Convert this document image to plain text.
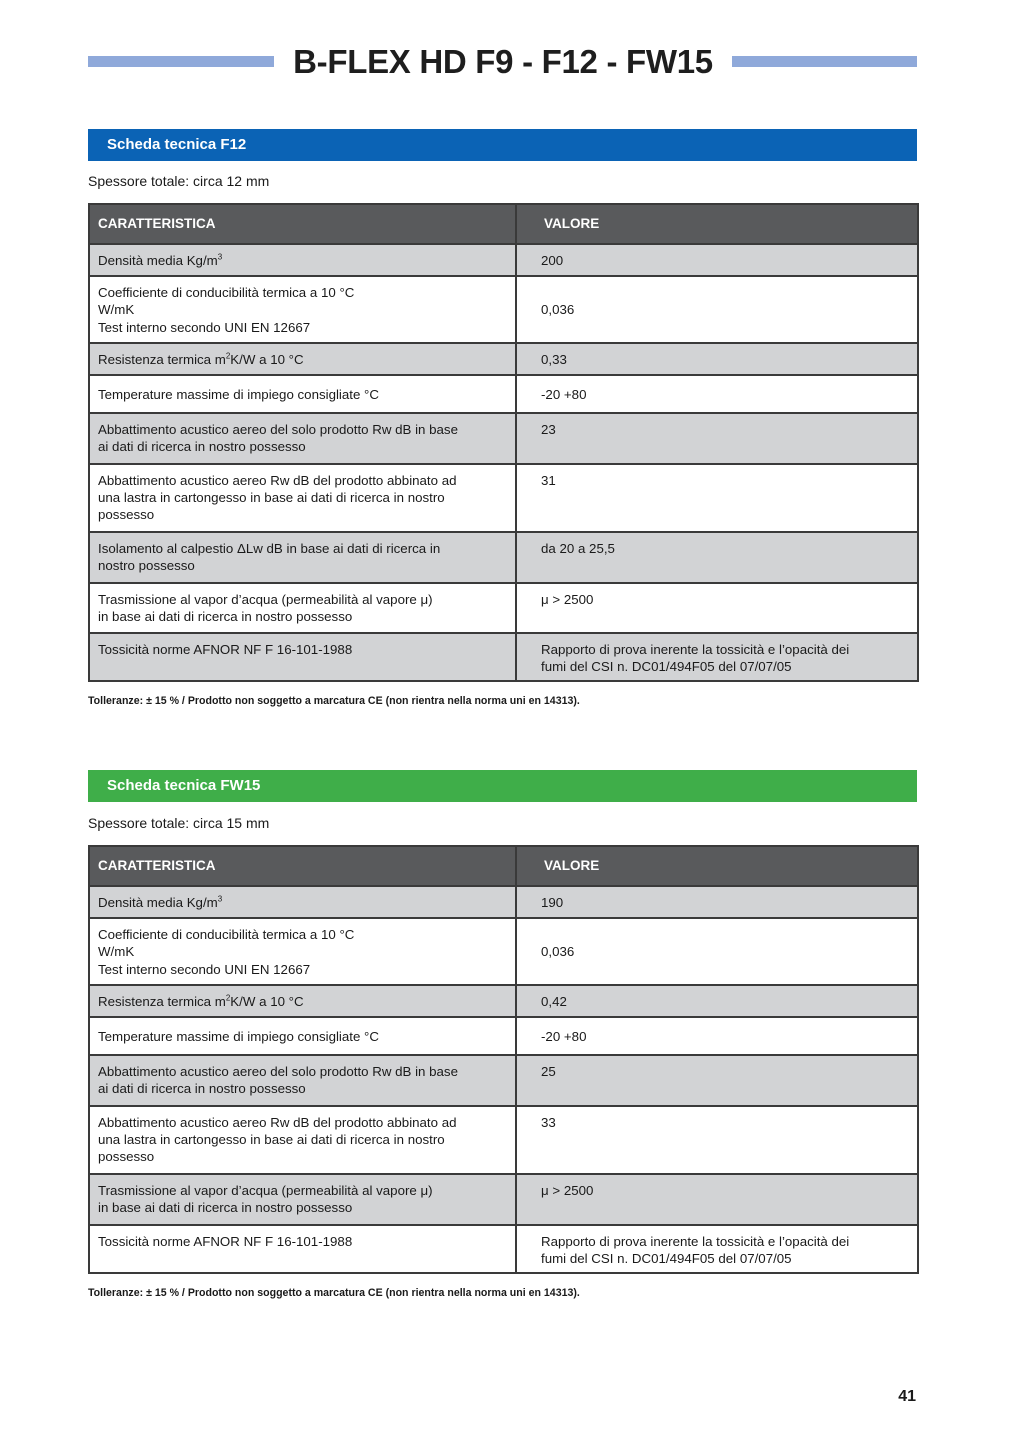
B-FLEX HD F9 - F12 - FW15
Scheda tecnica F12
Spessore totale: circa 12 mm
CARATTERISTICA	VALORE
Densità media $Kg/m^3$	200

Coefficiente di conducibilità termica a 10 °C
W/mK
Test interno secondo UNI EN 12667	0,036
Resistenza termica $m^2K/W$ a 10 °C	0,33
Temperature massime di impiego consigliate °C	-20 +80

Abbattimento acustico aereo del solo prodotto Rw dB in base
ai dati di ricerca in nostro possesso	23

Abbattimento acustico aereo Rw dB del prodotto abbinato ad
una lastra in cartongesso in base ai dati di ricerca in nostro
possesso	31

Isolamento al calpestio ΔLw dB in base ai dati di ricerca in
nostro possesso	da 20 a 25,5

Trasmissione al vapor d’acqua (permeabilità al vapore μ)
in base ai dati di ricerca in nostro possesso	μ > 2500
Tossicità norme AFNOR NF F 16-101-1988	Rapporto di prova inerente la tossicità e l’opacità dei
fumi del CSI n. DC01/494F05 del 07/07/05
Tolleranze: ± 15 % / Prodotto non soggetto a marcatura CE (non rientra nella norma uni en 14313).
Scheda tecnica FW15
Spessore totale: circa 15 mm
CARATTERISTICA	VALORE
Densità media $Kg/m^3$	190

Coefficiente di conducibilità termica a 10 °C
W/mK
Test interno secondo UNI EN 12667	0,036
Resistenza termica $m^2K/W$ a 10 °C	0,42
Temperature massime di impiego consigliate °C	-20 +80

Abbattimento acustico aereo del solo prodotto Rw dB in base
ai dati di ricerca in nostro possesso	25

Abbattimento acustico aereo Rw dB del prodotto abbinato ad
una lastra in cartongesso in base ai dati di ricerca in nostro
possesso	33

Trasmissione al vapor d’acqua (permeabilità al vapore μ)
in base ai dati di ricerca in nostro possesso	μ > 2500
Tossicità norme AFNOR NF F 16-101-1988	Rapporto di prova inerente la tossicità e l’opacità dei
fumi del CSI n. DC01/494F05 del 07/07/05
Tolleranze: ± 15 % / Prodotto non soggetto a marcatura CE (non rientra nella norma uni en 14313).
41
